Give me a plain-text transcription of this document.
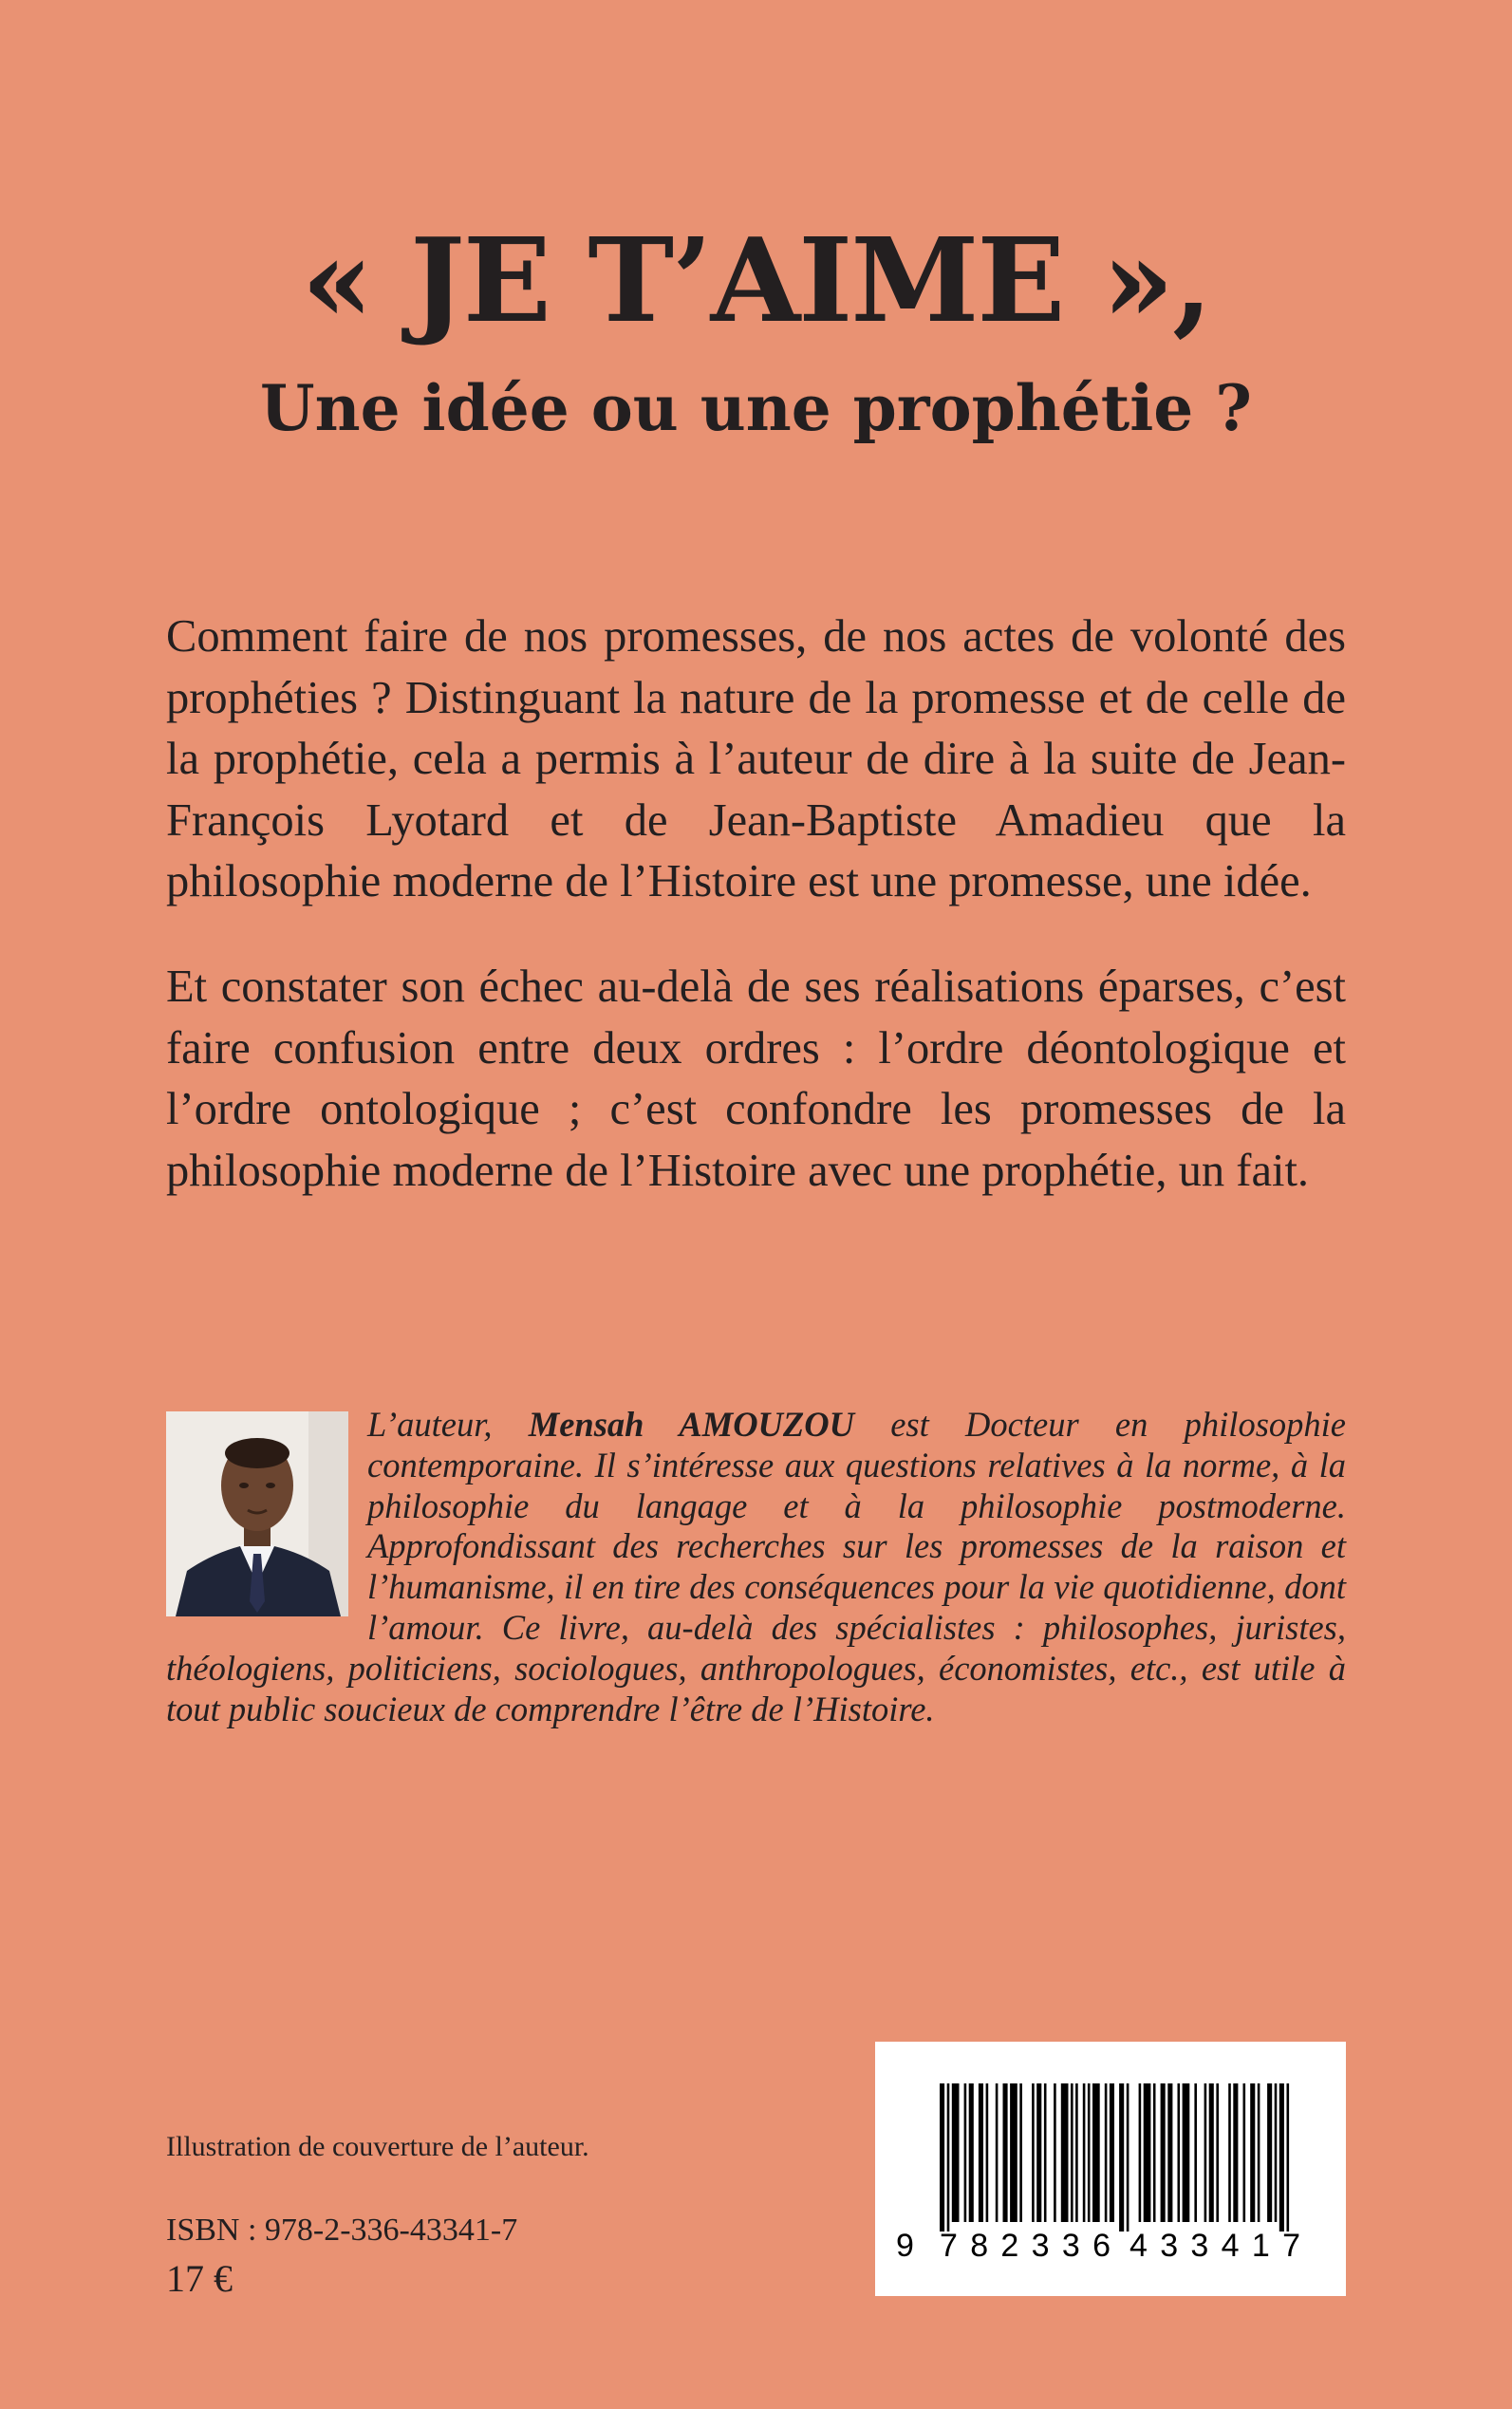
« JE T’AIME »,
Une idée ou une prophétie ?

Comment faire de nos promesses, de nos actes de volonté des prophéties ? Distinguant la nature de la promesse et de celle de la prophétie, cela a permis à l’auteur de dire à la suite de Jean-François Lyotard et de Jean-Baptiste Amadieu que la philosophie moderne de l’Histoire est une promesse, une idée.

Et constater son échec au-delà de ses réalisations éparses, c’est faire confusion entre deux ordres : l’ordre déontologique et l’ordre ontologique ; c’est confondre les promesses de la philosophie moderne de l’Histoire avec une prophétie, un fait.

L’auteur, Mensah AMOUZOU est Docteur en philosophie contemporaine. Il s’intéresse aux questions relatives à la norme, à la philosophie du langage et à la philosophie postmoderne. Approfondissant des recherches sur les promesses de la raison et l’humanisme, il en tire des conséquences pour la vie quotidienne, dont l’amour. Ce livre, au-delà des spécialistes : philosophes, juristes, théologiens, politiciens, sociologues, anthropologues, économistes, etc., est utile à tout public soucieux de comprendre l’être de l’Histoire.

Illustration de couverture de l’auteur.
ISBN : 978-2-336-43341-7
17 €
9 782336 433417
